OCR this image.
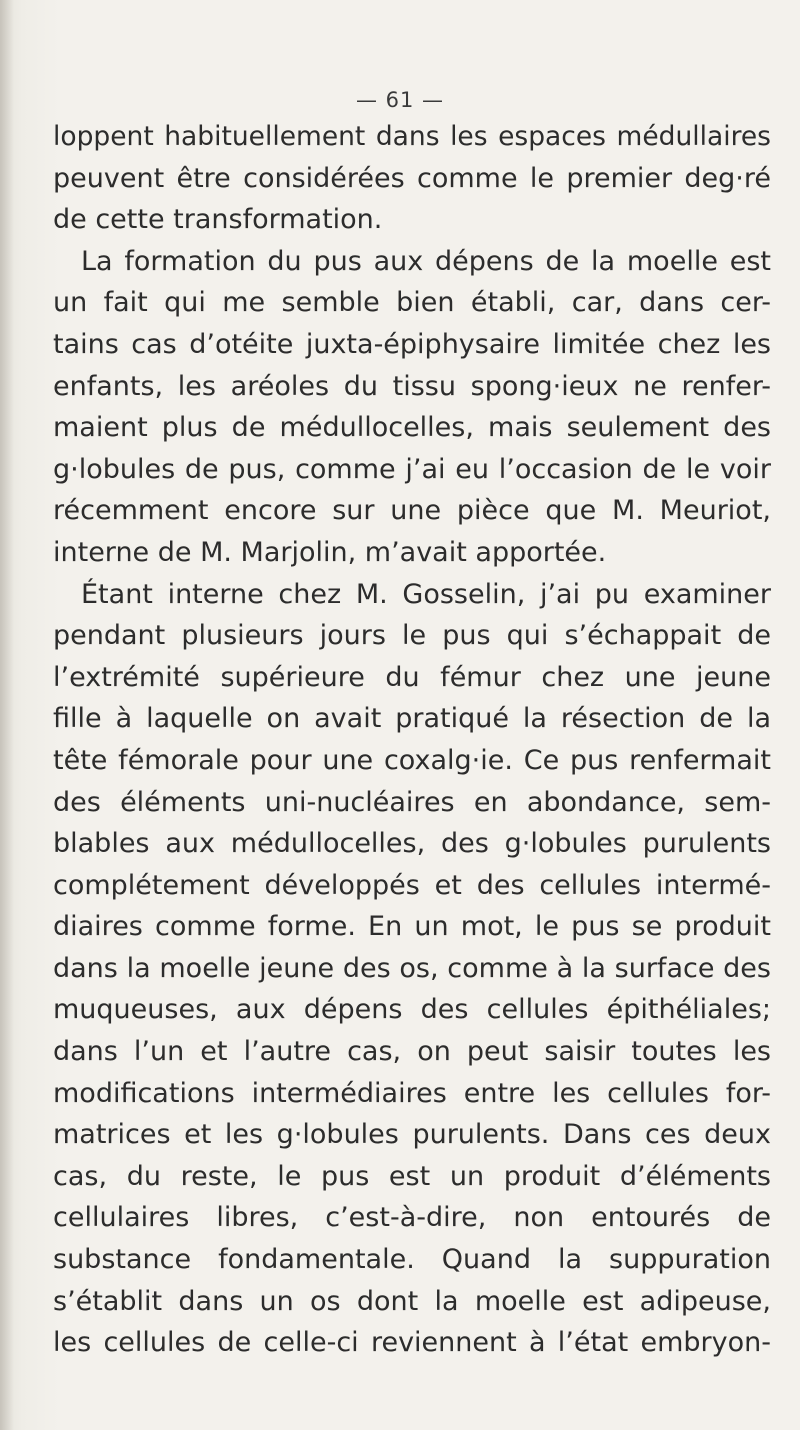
— 61 —
loppent habituellement dans les espaces médullaires
peuvent être considérées comme le premier deg·ré
de cette transformation.
La formation du pus aux dépens de la moelle est
un fait qui me semble bien établi, car, dans cer-
tains cas d’otéite juxta-épiphysaire limitée chez les
enfants, les aréoles du tissu spong·ieux ne renfer-
maient plus de médullocelles, mais seulement des
g·lobules de pus, comme j’ai eu l’occasion de le voir
récemment encore sur une pièce que M. Meuriot,
interne de M. Marjolin, m’avait apportée.
Étant interne chez M. Gosselin, j’ai pu examiner
pendant plusieurs jours le pus qui s’échappait de
l’extrémité supérieure du fémur chez une jeune
fille à laquelle on avait pratiqué la résection de la
tête fémorale pour une coxalg·ie. Ce pus renfermait
des éléments uni-nucléaires en abondance, sem-
blables aux médullocelles, des g·lobules purulents
complétement développés et des cellules intermé-
diaires comme forme. En un mot, le pus se produit
dans la moelle jeune des os, comme à la surface des
muqueuses, aux dépens des cellules épithéliales;
dans l’un et l’autre cas, on peut saisir toutes les
modifications intermédiaires entre les cellules for-
matrices et les g·lobules purulents. Dans ces deux
cas, du reste, le pus est un produit d’éléments
cellulaires libres, c’est-à-dire, non entourés de
substance fondamentale. Quand la suppuration
s’établit dans un os dont la moelle est adipeuse,
les cellules de celle-ci reviennent à l’état embryon-
